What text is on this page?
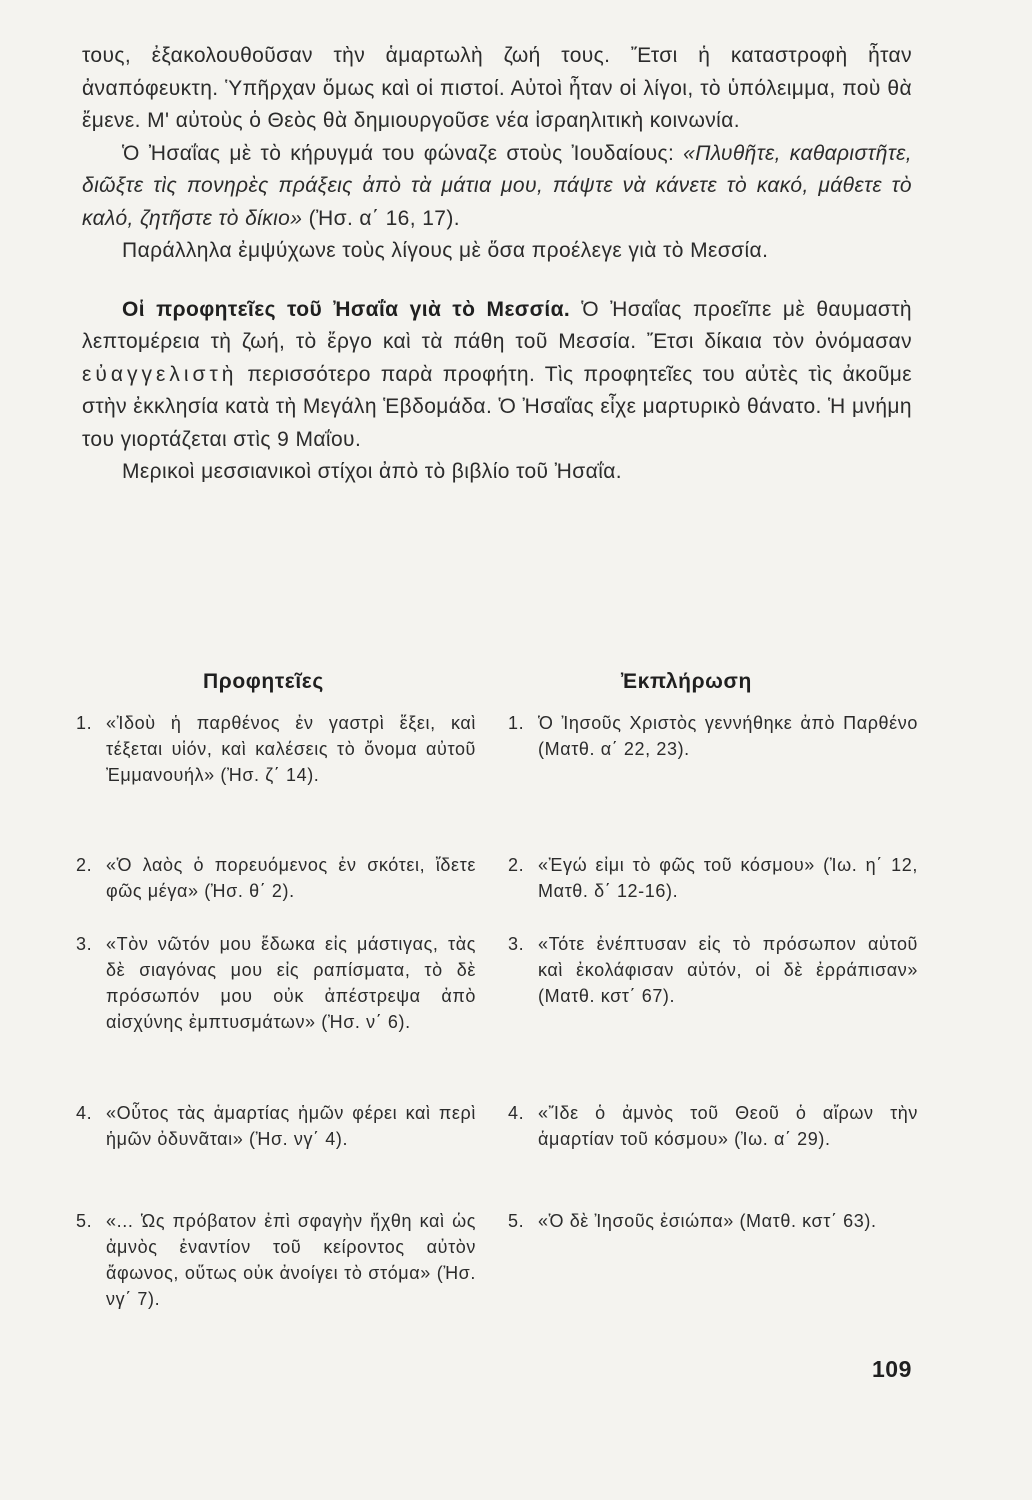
τους, ἐξακολουθοῦσαν τὴν ἁμαρτωλὴ ζωή τους. Ἔτσι ἡ καταστροφὴ ἦταν ἀναπόφευκτη. Ὑπῆρχαν ὅμως καὶ οἱ πιστοί. Αὐτοὶ ἦταν οἱ λίγοι, τὸ ὑπόλειμμα, ποὺ θὰ ἔμενε. Μ' αὐτοὺς ὁ Θεὸς θὰ δημιουργοῦσε νέα ἰσραηλιτικὴ κοινωνία.

Ὁ Ἠσαΐας μὲ τὸ κήρυγμά του φώναζε στοὺς Ἰουδαίους: «Πλυθῆτε, καθαριστῆτε, διῶξτε τὶς πονηρὲς πράξεις ἀπὸ τὰ μάτια μου, πάψτε νὰ κάνετε τὸ κακό, μάθετε τὸ καλό, ζητῆστε τὸ δίκιο» (Ἠσ. α΄ 16, 17).

Παράλληλα ἐμψύχωνε τοὺς λίγους μὲ ὅσα προέλεγε γιὰ τὸ Μεσσία.

Οἱ προφητεῖες τοῦ Ἠσαΐα γιὰ τὸ Μεσσία. Ὁ Ἠσαΐας προεῖπε μὲ θαυμαστὴ λεπτομέρεια τὴ ζωή, τὸ ἔργο καὶ τὰ πάθη τοῦ Μεσσία. Ἔτσι δίκαια τὸν ὀνόμασαν εὐαγγελιστὴ περισσότερο παρὰ προφήτη. Τὶς προφητεῖες του αὐτὲς τὶς ἀκοῦμε στὴν ἐκκλησία κατὰ τὴ Μεγάλη Ἑβδομάδα. Ὁ Ἠσαΐας εἶχε μαρτυρικὸ θάνατο. Ἡ μνήμη του γιορτάζεται στὶς 9 Μαΐου.

Μερικοὶ μεσσιανικοὶ στίχοι ἀπὸ τὸ βιβλίο τοῦ Ἠσαΐα.

Προφητεῖες	Ἐκπλήρωση
1. «Ἰδοὺ ἡ παρθένος ἐν γαστρὶ ἕξει, καὶ τέξεται υἱόν, καὶ καλέσεις τὸ ὄνομα αὐτοῦ Ἐμμανουήλ» (Ἠσ. ζ΄ 14).
1. Ὁ Ἰησοῦς Χριστὸς γεννήθηκε ἀπὸ Παρθένο (Ματθ. α΄ 22, 23).
2. «Ὁ λαὸς ὁ πορευόμενος ἐν σκότει, ἴδετε φῶς μέγα» (Ἠσ. θ΄ 2).
2. «Ἐγώ εἰμι τὸ φῶς τοῦ κόσμου» (Ἰω. η΄ 12, Ματθ. δ΄ 12-16).
3. «Τὸν νῶτόν μου ἔδωκα εἰς μάστιγας, τὰς δὲ σιαγόνας μου εἰς ραπίσματα, τὸ δὲ πρόσωπόν μου οὐκ ἀπέστρεψα ἀπὸ αἰσχύνης ἐμπτυσμάτων» (Ἠσ. ν΄ 6).
3. «Τότε ἐνέπτυσαν εἰς τὸ πρόσωπον αὐτοῦ καὶ ἐκολάφισαν αὐτόν, οἱ δὲ ἐρράπισαν» (Ματθ. κστ΄ 67).
4. «Οὗτος τὰς ἁμαρτίας ἡμῶν φέρει καὶ περὶ ἡμῶν ὀδυνᾶται» (Ἠσ. νγ΄ 4).
4. «Ἴδε ὁ ἀμνὸς τοῦ Θεοῦ ὁ αἴρων τὴν ἁμαρτίαν τοῦ κόσμου» (Ἰω. α΄ 29).
5. «... Ὡς πρόβατον ἐπὶ σφαγὴν ἤχθη καὶ ὡς ἀμνὸς ἐναντίον τοῦ κείροντος αὐτὸν ἄφωνος, οὕτως οὐκ ἀνοίγει τὸ στόμα» (Ἠσ. νγ΄ 7).
5. «Ὁ δὲ Ἰησοῦς ἐσιώπα» (Ματθ. κστ΄ 63).
109
